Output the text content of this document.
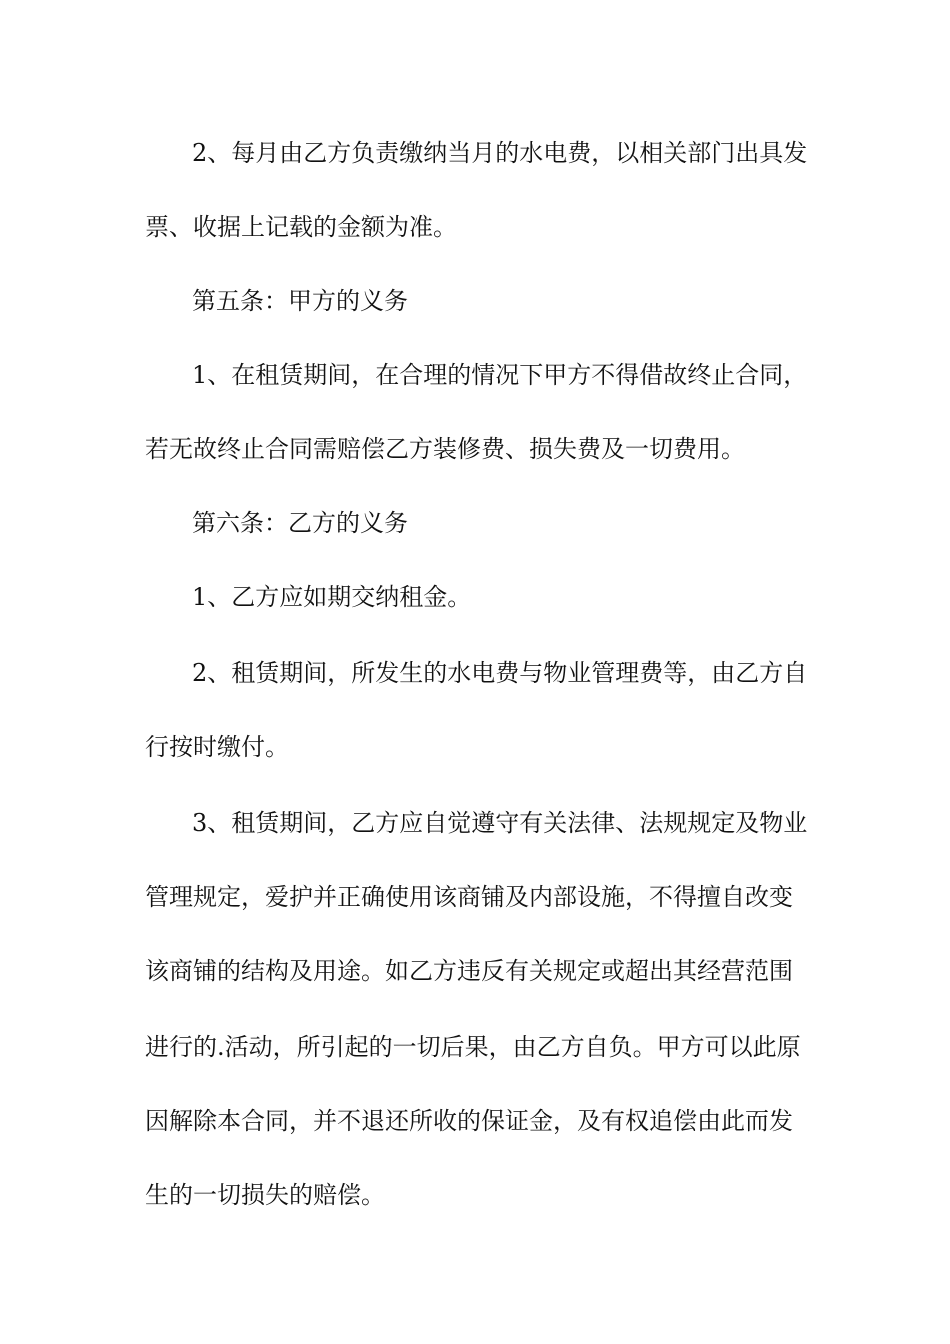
2、每月由乙方负责缴纳当月的水电费，以相关部门出具发
票、收据上记载的金额为准。
第五条：甲方的义务
1、在租赁期间，在合理的情况下甲方不得借故终止合同，
若无故终止合同需赔偿乙方装修费、损失费及一切费用。
第六条：乙方的义务
1、乙方应如期交纳租金。
2、租赁期间，所发生的水电费与物业管理费等，由乙方自
行按时缴付。
3、租赁期间，乙方应自觉遵守有关法律、法规规定及物业
管理规定，爱护并正确使用该商铺及内部设施，不得擅自改变
该商铺的结构及用途。如乙方违反有关规定或超出其经营范围
进行的.活动，所引起的一切后果，由乙方自负。甲方可以此原
因解除本合同，并不退还所收的保证金，及有权追偿由此而发
生的一切损失的赔偿。
